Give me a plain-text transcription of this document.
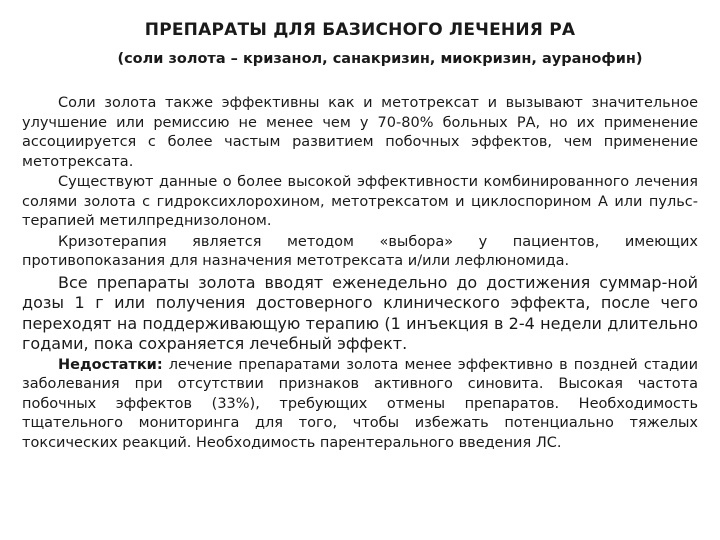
ПРЕПАРАТЫ ДЛЯ БАЗИСНОГО ЛЕЧЕНИЯ РА
(соли золота – кризанол, санакризин, миокризин, ауранофин)

Соли золота также эффективны как и метотрексат и вызывают значительное улучшение или ремиссию не менее чем у 70-80% больных РА, но их применение ассоциируется с более частым развитием побочных эффектов, чем применение метотрексата.

Существуют данные о более высокой эффективности комбинированного лечения солями золота с гидроксихлорохином, метотрексатом и циклоспорином А или пульс-терапией метилпреднизолоном.

Кризотерапия является методом «выбора» у пациентов, имеющих противопоказания для назначения метотрексата и/или лефлюномида.

Все препараты золота вводят еженедельно до достижения суммар-ной дозы 1 г или получения достоверного клинического эффекта, после чего переходят на поддерживающую терапию (1 инъекция в 2-4 недели длительно годами, пока сохраняется лечебный эффект.

Недостатки: лечение препаратами золота менее эффективно в поздней стадии заболевания при отсутствии признаков активного синовита. Высокая частота побочных эффектов (33%), требующих отмены препаратов. Необходимость тщательного мониторинга для того, чтобы избежать потенциально тяжелых токсических реакций. Необходимость парентерального введения ЛС.
